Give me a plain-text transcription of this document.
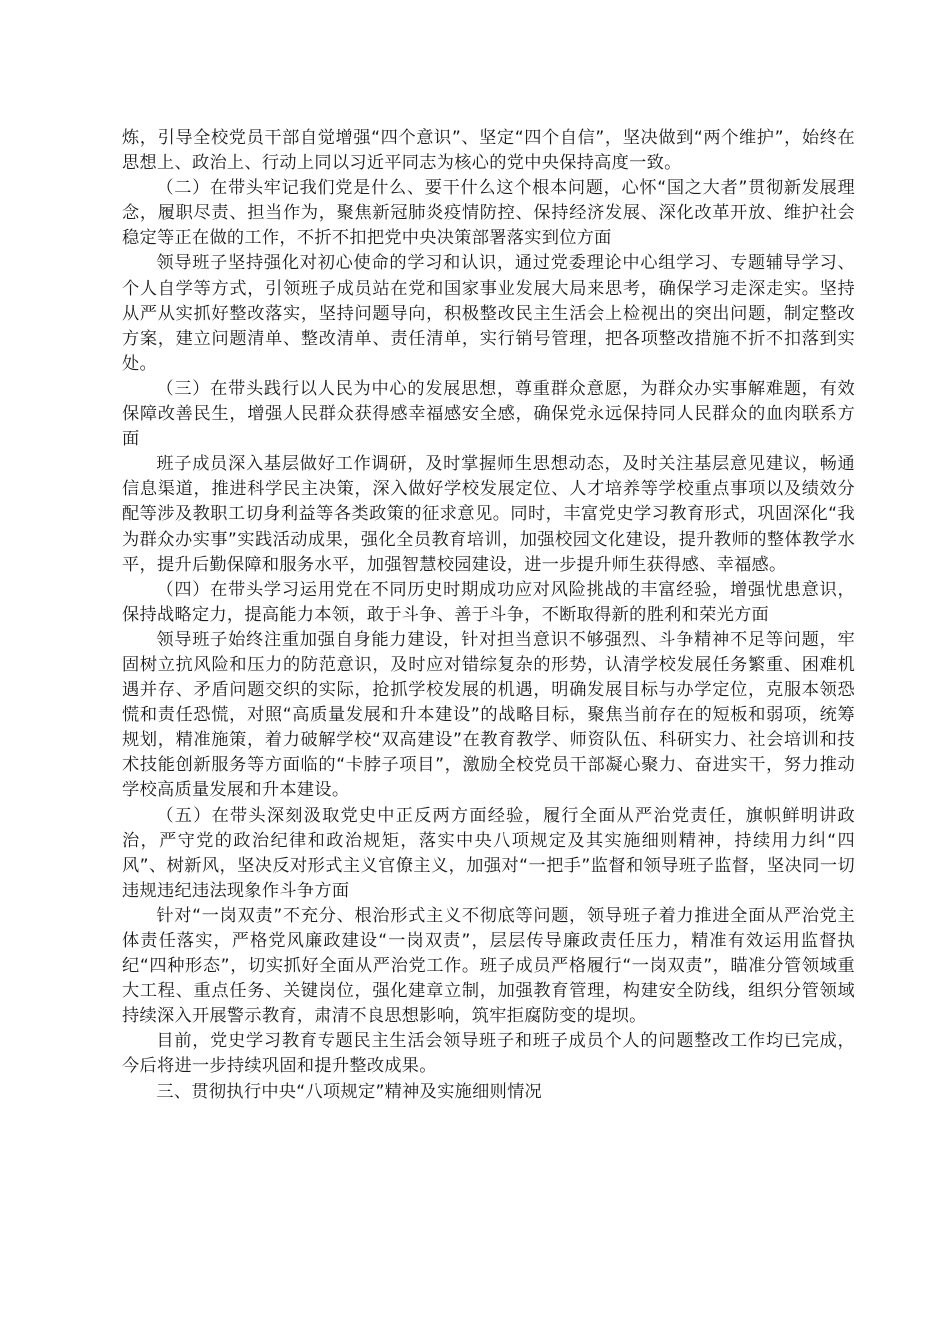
炼，引导全校党员干部自觉增强“四个意识”、坚定“四个自信”，坚决做到“两个维护”，始终在思想上、政治上、行动上同以习近平同志为核心的党中央保持高度一致。

（二）在带头牢记我们党是什么、要干什么这个根本问题，心怀“国之大者”贯彻新发展理念，履职尽责、担当作为，聚焦新冠肺炎疫情防控、保持经济发展、深化改革开放、维护社会稳定等正在做的工作，不折不扣把党中央决策部署落实到位方面

领导班子坚持强化对初心使命的学习和认识，通过党委理论中心组学习、专题辅导学习、个人自学等方式，引领班子成员站在党和国家事业发展大局来思考，确保学习走深走实。坚持从严从实抓好整改落实，坚持问题导向，积极整改民主生活会上检视出的突出问题，制定整改方案，建立问题清单、整改清单、责任清单，实行销号管理，把各项整改措施不折不扣落到实处。

（三）在带头践行以人民为中心的发展思想，尊重群众意愿，为群众办实事解难题，有效保障改善民生，增强人民群众获得感幸福感安全感，确保党永远保持同人民群众的血肉联系方面

班子成员深入基层做好工作调研，及时掌握师生思想动态，及时关注基层意见建议，畅通信息渠道，推进科学民主决策，深入做好学校发展定位、人才培养等学校重点事项以及绩效分配等涉及教职工切身利益等各类政策的征求意见。同时，丰富党史学习教育形式，巩固深化“我为群众办实事”实践活动成果，强化全员教育培训，加强校园文化建设，提升教师的整体教学水平，提升后勤保障和服务水平，加强智慧校园建设，进一步提升师生获得感、幸福感。

（四）在带头学习运用党在不同历史时期成功应对风险挑战的丰富经验，增强忧患意识，保持战略定力，提高能力本领，敢于斗争、善于斗争，不断取得新的胜利和荣光方面

领导班子始终注重加强自身能力建设，针对担当意识不够强烈、斗争精神不足等问题，牢固树立抗风险和压力的防范意识，及时应对错综复杂的形势，认清学校发展任务繁重、困难机遇并存、矛盾问题交织的实际，抢抓学校发展的机遇，明确发展目标与办学定位，克服本领恐慌和责任恐慌，对照“高质量发展和升本建设”的战略目标，聚焦当前存在的短板和弱项，统筹规划，精准施策，着力破解学校“双高建设”在教育教学、师资队伍、科研实力、社会培训和技术技能创新服务等方面临的“卡脖子项目”，激励全校党员干部凝心聚力、奋进实干，努力推动学校高质量发展和升本建设。

（五）在带头深刻汲取党史中正反两方面经验，履行全面从严治党责任，旗帜鲜明讲政治，严守党的政治纪律和政治规矩，落实中央八项规定及其实施细则精神，持续用力纠“四风”、树新风，坚决反对形式主义官僚主义，加强对“一把手”监督和领导班子监督，坚决同一切违规违纪违法现象作斗争方面

针对“一岗双责”不充分、根治形式主义不彻底等问题，领导班子着力推进全面从严治党主体责任落实，严格党风廉政建设“一岗双责”，层层传导廉政责任压力，精准有效运用监督执纪“四种形态”，切实抓好全面从严治党工作。班子成员严格履行“一岗双责”，瞄准分管领域重大工程、重点任务、关键岗位，强化建章立制，加强教育管理，构建安全防线，组织分管领域持续深入开展警示教育，肃清不良思想影响，筑牢拒腐防变的堤坝。

目前，党史学习教育专题民主生活会领导班子和班子成员个人的问题整改工作均已完成，今后将进一步持续巩固和提升整改成果。

三、贯彻执行中央“八项规定”精神及实施细则情况
